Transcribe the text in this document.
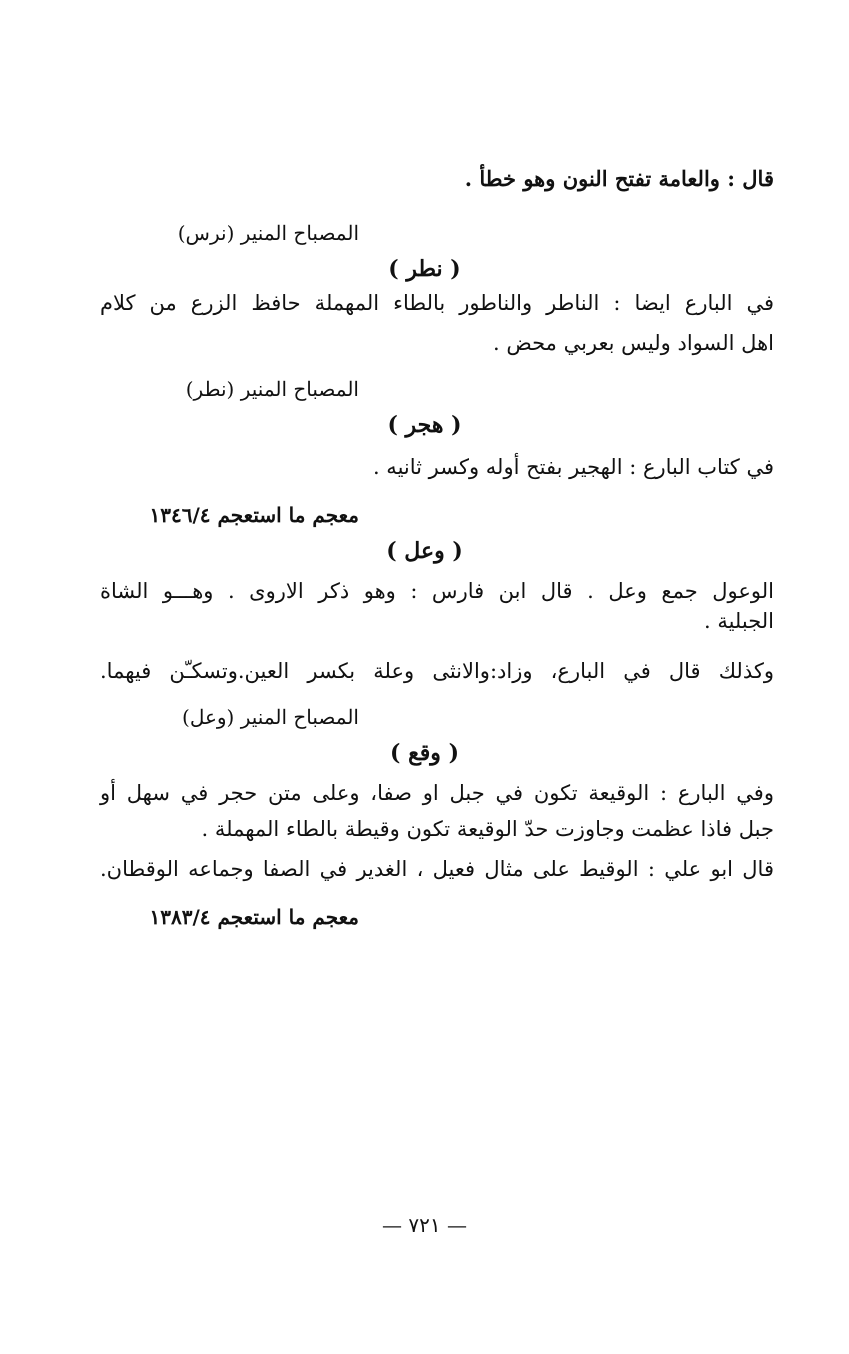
قال : والعامة تفتح النون وهو خطأ .

المصباح المنير (نرس)

( نطر )

في البارع ايضا : الناطر والناطور بالطاء المهملة حافظ الزرع من كلام

اهل السواد وليس بعربي محض .

المصباح المنير (نطر)

( هجر )

في كتاب البارع : الهجير بفتح أوله وكسر ثانيه .

معجم ما استعجم ١٣٤٦/٤

( وعل )

الوعول جمع وعل . قال ابن فارس : وهو ذكر الاروى . وهـــو الشاة

الجبلية .

وكذلك قال في البارع، وزاد:والانثى وعلة بكسر العين.وتسكـّن فيهما.

المصباح المنير (وعل)

( وقع )

وفي البارع : الوقيعة تكون في جبل او صفا، وعلى متن حجر في سهل أو

جبل فاذا عظمت وجاوزت حدّ الوقيعة تكون وقيطة بالطاء المهملة .

قال ابو علي : الوقيط على مثال فعيل ، الغدير في الصفا وجماعه الوقطان.

معجم ما استعجم ١٣٨٣/٤

— ٧٢١ —
